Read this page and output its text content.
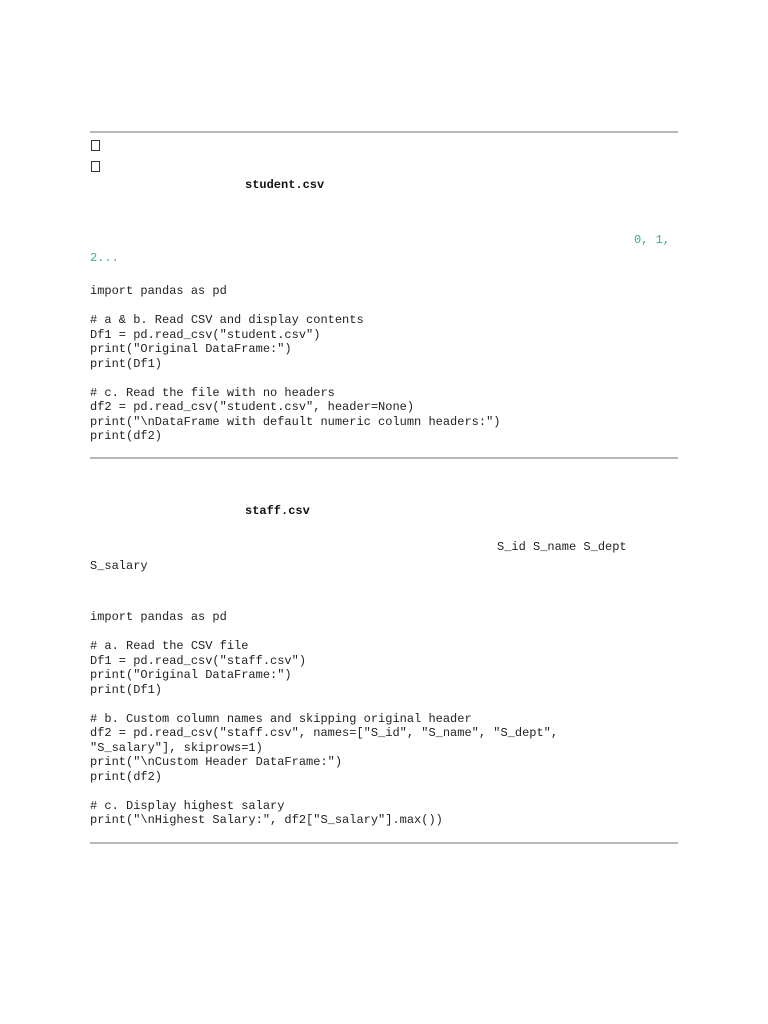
student.csv
0, 1,
2...
import pandas as pd
# a & b. Read CSV and display contents
Df1 = pd.read_csv("student.csv")
print("Original DataFrame:")
print(Df1)
# c. Read the file with no headers
df2 = pd.read_csv("student.csv", header=None)
print("\nDataFrame with default numeric column headers:")
print(df2)
staff.csv
S_id S_name S_dept
S_salary
import pandas as pd
# a. Read the CSV file
Df1 = pd.read_csv("staff.csv")
print("Original DataFrame:")
print(Df1)
# b. Custom column names and skipping original header
df2 = pd.read_csv("staff.csv", names=["S_id", "S_name", "S_dept",
"S_salary"], skiprows=1)
print("\nCustom Header DataFrame:")
print(df2)
# c. Display highest salary
print("\nHighest Salary:", df2["S_salary"].max())
